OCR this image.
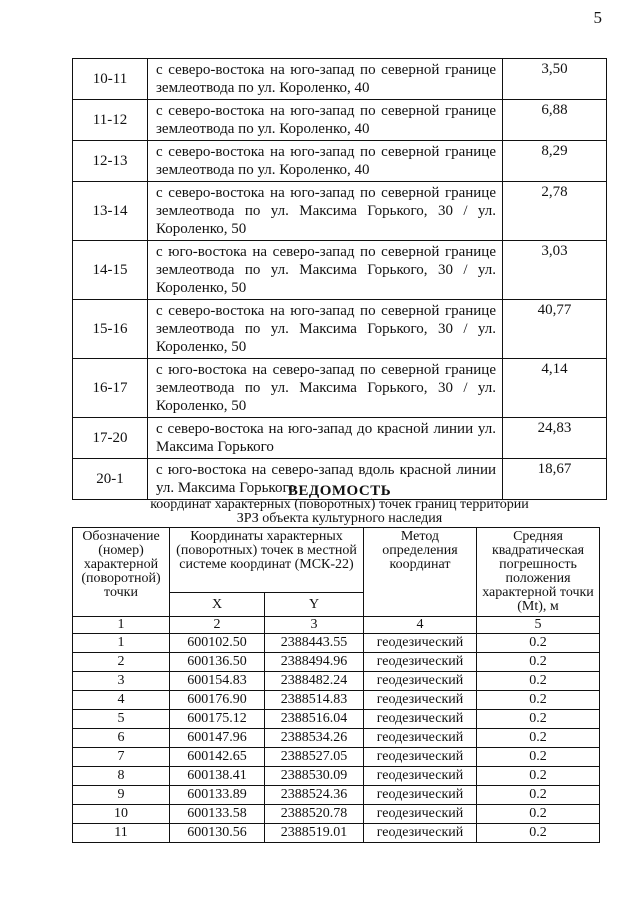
5
10-11	с северо-востока на юго-запад по северной границе землеотвода по ул. Короленко, 40	3,50
11-12	с северо-востока на юго-запад по северной границе землеотвода по ул. Короленко, 40	6,88
12-13	с северо-востока на юго-запад по северной границе землеотвода по ул. Короленко, 40	8,29
13-14	с северо-востока на юго-запад по северной границе землеотвода по ул. Максима Горького, 30 / ул. Короленко, 50	2,78
14-15	с юго-востока на северо-запад по северной границе землеотвода по ул. Максима Горького, 30 / ул. Короленко, 50	3,03
15-16	с северо-востока на юго-запад по северной границе землеотвода по ул. Максима Горького, 30 / ул. Короленко, 50	40,77
16-17	с юго-востока на северо-запад по северной границе землеотвода по ул. Максима Горького, 30 / ул. Короленко, 50	4,14
17-20	с северо-востока на юго-запад до красной линии ул. Максима Горького	24,83
20-1	с юго-востока на северо-запад вдоль красной линии ул. Максима Горького	18,67
ВЕДОМОСТЬ
координат характерных (поворотных) точек границ территории
ЗРЗ объекта культурного наследия
Обозначение (номер) характерной (поворотной) точки	Координаты характерных (поворотных) точек в местной системе координат (МСК-22)		Метод определения координат	Средняя квадратическая погрешность положения характерной точки (Mt), м
	X	Y		
1	2	3	4	5
1	600102.50	2388443.55	геодезический	0.2
2	600136.50	2388494.96	геодезический	0.2
3	600154.83	2388482.24	геодезический	0.2
4	600176.90	2388514.83	геодезический	0.2
5	600175.12	2388516.04	геодезический	0.2
6	600147.96	2388534.26	геодезический	0.2
7	600142.65	2388527.05	геодезический	0.2
8	600138.41	2388530.09	геодезический	0.2
9	600133.89	2388524.36	геодезический	0.2
10	600133.58	2388520.78	геодезический	0.2
11	600130.56	2388519.01	геодезический	0.2
